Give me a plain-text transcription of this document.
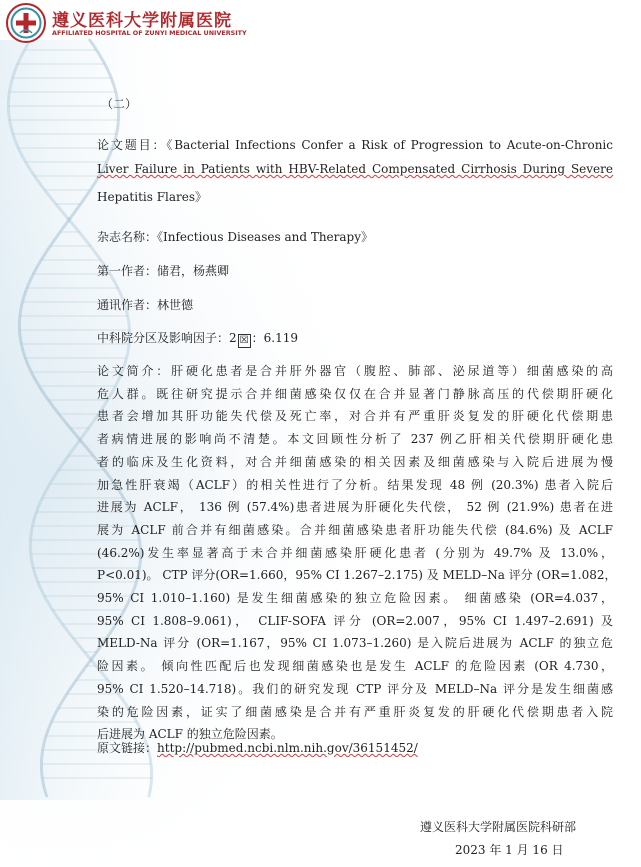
遵义医科大学附属医院
AFFILIATED HOSPITAL OF ZUNYI MEDICAL UNIVERSITY
（二）
论文题目：《Bacterial Infections Confer a Risk of Progression to Acute-on-Chronic
Liver Failure in Patients with HBV-Related Compensated Cirrhosis During Severe
Hepatitis Flares》
杂志名称：《Infectious Diseases and Therapy》
第一作者：储君，杨燕卿
通讯作者：林世德
中科院分区及影响因子：2 ☒ ：6.119
论文简介：肝硬化患者是合并肝外器官（腹腔、肺部、泌尿道等）细菌感染的高
危人群。既往研究提示合并细菌感染仅仅在合并显著门静脉高压的代偿期肝硬化
患者会增加其肝功能失代偿及死亡率，对合并有严重肝炎复发的肝硬化代偿期患
者病情进展的影响尚不清楚。本文回顾性分析了 237 例乙肝相关代偿期肝硬化患
者的临床及生化资料，对合并细菌感染的相关因素及细菌感染与入院后进展为慢
加急性肝衰竭（ACLF）的相关性进行了分析。结果发现 48 例 (20.3%) 患者入院后
进展为 ACLF， 136 例 (57.4%)患者进展为肝硬化失代偿， 52 例 (21.9%) 患者在进
展为 ACLF 前合并有细菌感染。合并细菌感染患者肝功能失代偿 (84.6%) 及 ACLF
(46.2%)发生率显著高于未合并细菌感染肝硬化患者 (分别为 49.7% 及 13.0%，
P<0.01)。 CTP 评分(OR=1.660，95% CI 1.267–2.175) 及 MELD–Na 评分 (OR=1.082，
95% CI 1.010–1.160) 是发生细菌感染的独立危险因素。 细菌感染 (OR=4.037，
95% CI 1.808–9.061)， CLIF-SOFA 评分 (OR=2.007，95% CI 1.497–2.691) 及
MELD-Na 评分 (OR=1.167，95% CI 1.073–1.260) 是入院后进展为 ACLF 的独立危
险因素。 倾向性匹配后也发现细菌感染也是发生 ACLF 的危险因素 (OR 4.730，
95% CI 1.520–14.718)。我们的研究发现 CTP 评分及 MELD–Na 评分是发生细菌感
染的危险因素，证实了细菌感染是合并有严重肝炎复发的肝硬化代偿期患者入院
后进展为 ACLF 的独立危险因素。
原文链接：http://pubmed.ncbi.nlm.nih.gov/36151452/
遵义医科大学附属医院科研部
2023 年 1 月 16 日
